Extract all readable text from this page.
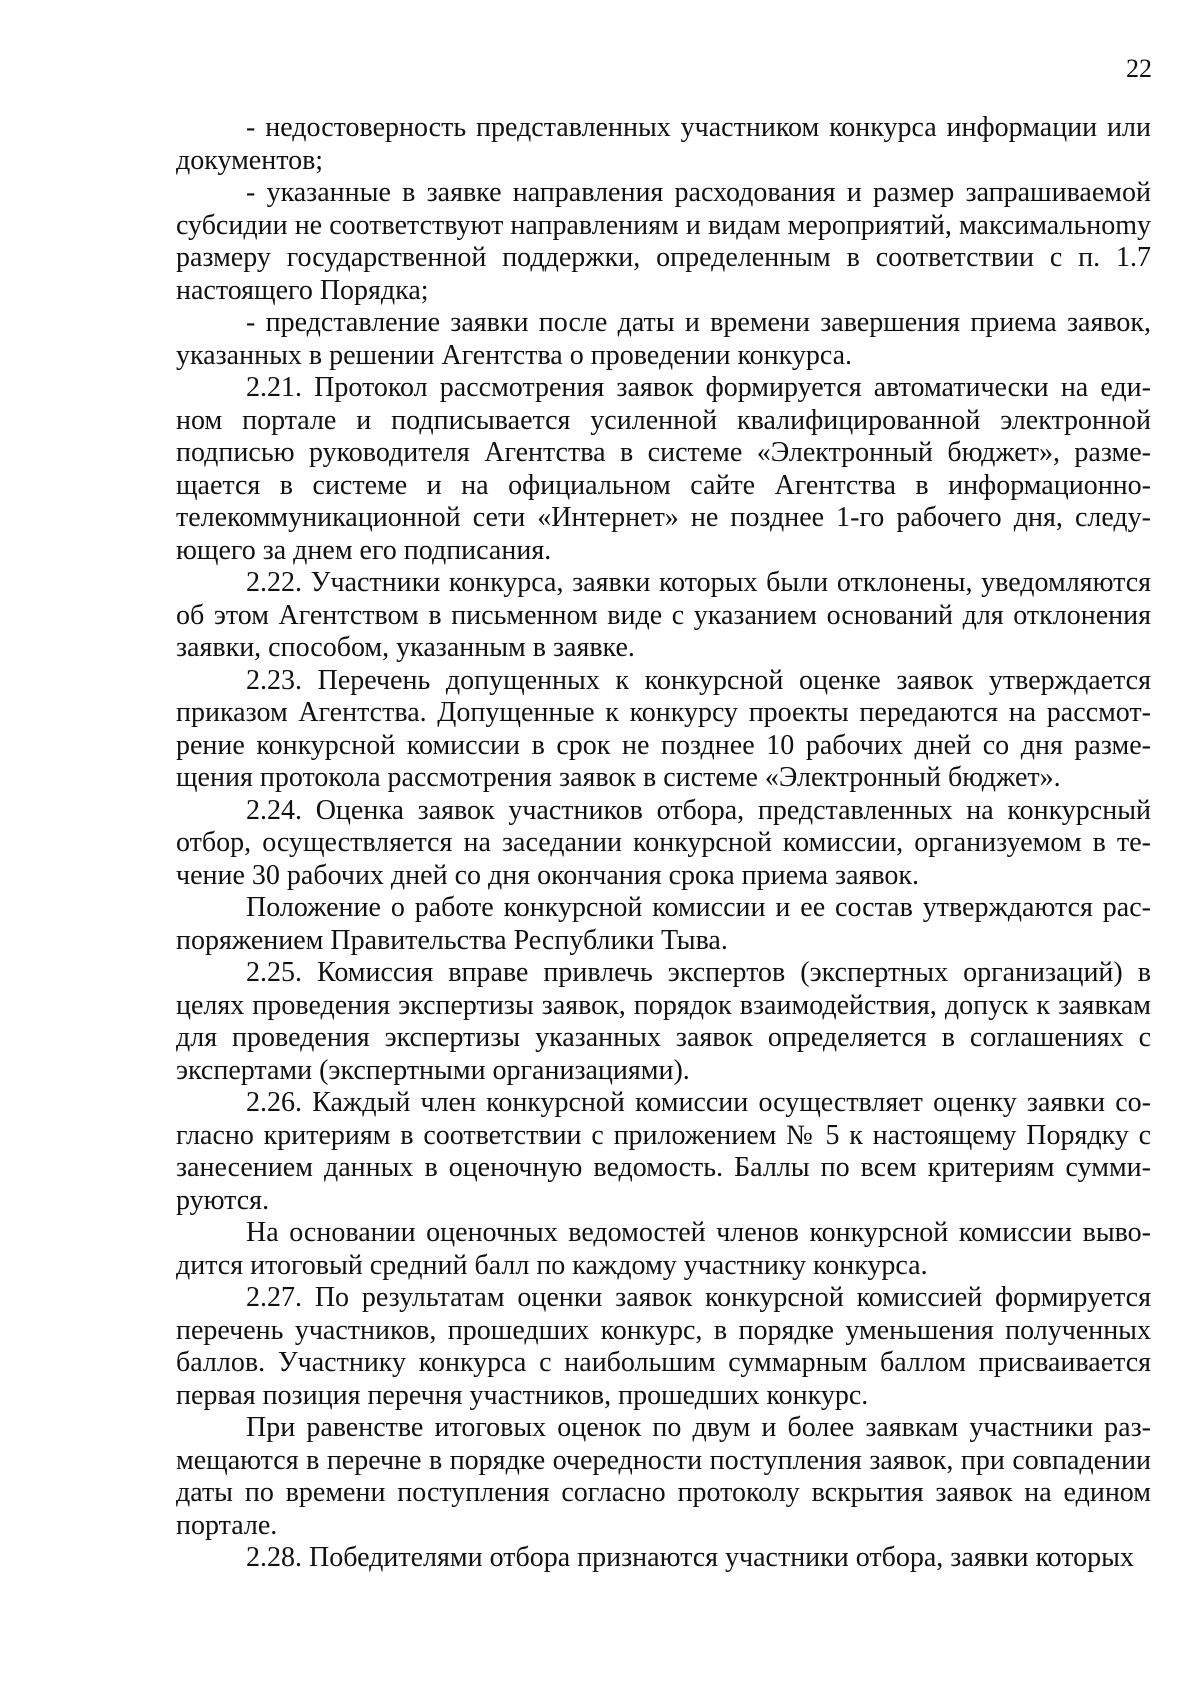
22

- недостоверность представленных участником конкурса информации или документов;

- указанные в заявке направления расходования и размер запрашиваемой субсидии не соответствуют направлениям и видам мероприятий, максимальноmу размеру государственной поддержки, определенным в соответствии с п. 1.7 настоящего Порядка;

- представление заявки после даты и времени завершения приема заявок, указанных в решении Агентства о проведении конкурса.

2.21. Протокол рассмотрения заявок формируется автоматически на едином портале и подписывается усиленной квалифицированной электронной подписью руководителя Агентства в системе «Электронный бюджет», размещается в системе и на официальном сайте Агентства в информационно-телекоммуникационной сети «Интернет» не позднее 1-го рабочего дня, следующего за днем его подписания.

2.22. Участники конкурса, заявки которых были отклонены, уведомляются об этом Агентством в письменном виде с указанием оснований для отклонения заявки, способом, указанным в заявке.

2.23. Перечень допущенных к конкурсной оценке заявок утверждается приказом Агентства. Допущенные к конкурсу проекты передаются на рассмотрение конкурсной комиссии в срок не позднее 10 рабочих дней со дня размещения протокола рассмотрения заявок в системе «Электронный бюджет».

2.24. Оценка заявок участников отбора, представленных на конкурсный отбор, осуществляется на заседании конкурсной комиссии, организуемом в течение 30 рабочих дней со дня окончания срока приема заявок.

Положение о работе конкурсной комиссии и ее состав утверждаются распоряжением Правительства Республики Тыва.

2.25. Комиссия вправе привлечь экспертов (экспертных организаций) в целях проведения экспертизы заявок, порядок взаимодействия, допуск к заявкам для проведения экспертизы указанных заявок определяется в соглашениях с экспертами (экспертными организациями).

2.26. Каждый член конкурсной комиссии осуществляет оценку заявки согласно критериям в соответствии с приложением № 5 к настоящему Порядку с занесением данных в оценочную ведомость. Баллы по всем критериям суммируются.

На основании оценочных ведомостей членов конкурсной комиссии выводится итоговый средний балл по каждому участнику конкурса.

2.27. По результатам оценки заявок конкурсной комиссией формируется перечень участников, прошедших конкурс, в порядке уменьшения полученных баллов. Участнику конкурса с наибольшим суммарным баллом присваивается первая позиция перечня участников, прошедших конкурс.

При равенстве итоговых оценок по двум и более заявкам участники размещаются в перечне в порядке очередности поступления заявок, при совпадении даты по времени поступления согласно протоколу вскрытия заявок на едином портале.

2.28. Победителями отбора признаются участники отбора, заявки которых
